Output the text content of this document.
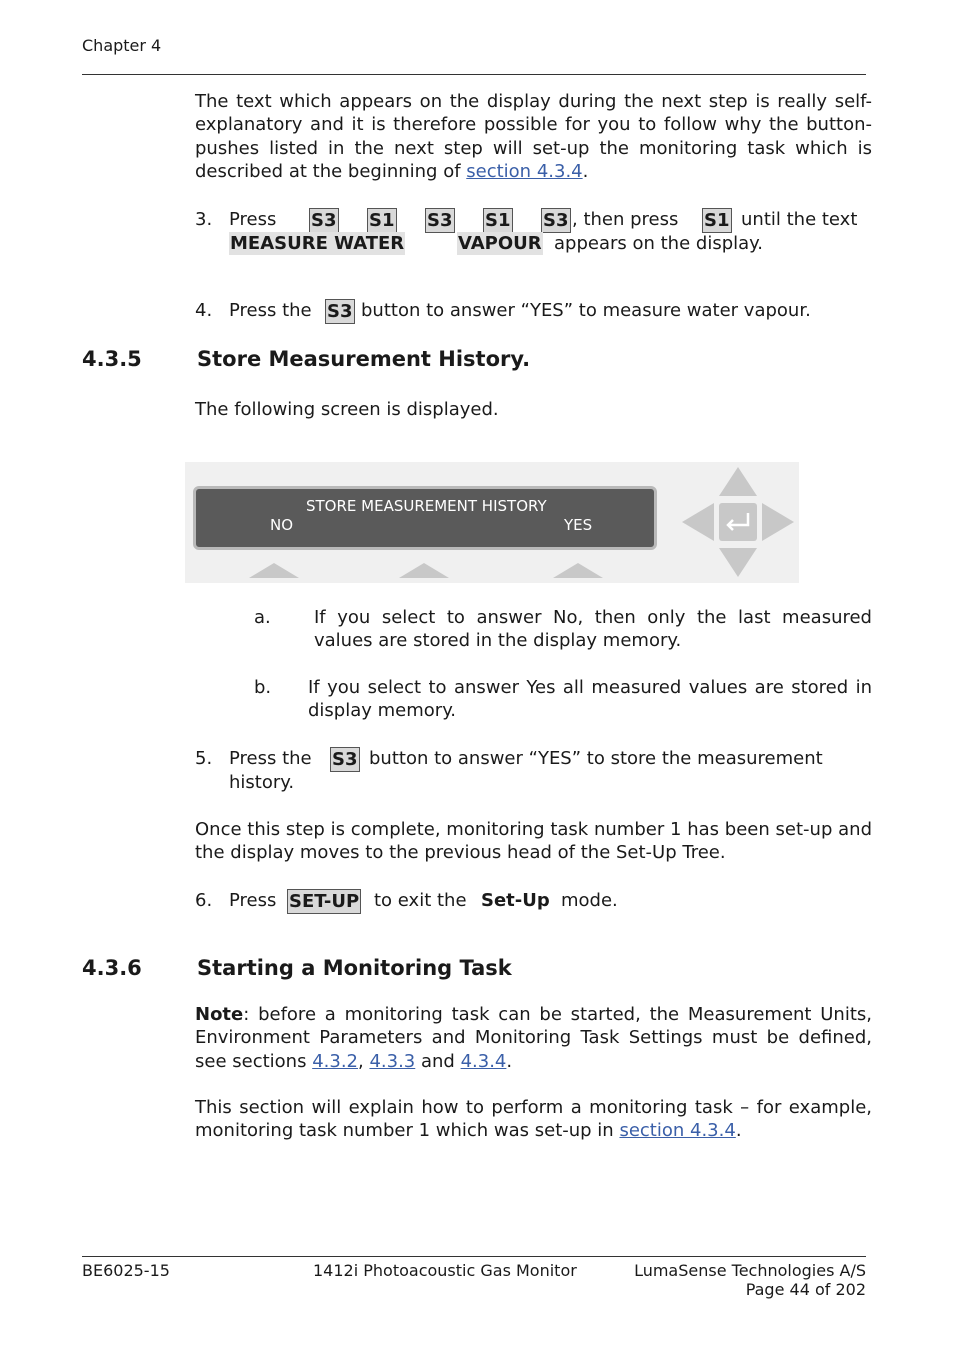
Chapter 4
The text which appears on the display during the next step is really self-explanatory and it is therefore possible for you to follow why the button-pushes listed in the next step will set-up the monitoring task which is described at the beginning of section 4.3.4.
3. Press S3 S1 S3 S1 S3 , then press S1 until the text
MEASURE WATER	VAPOUR appears on the display.
4. Press the S3 button to answer “YES” to measure water vapour.
4.3.5	Store Measurement History.
The following screen is displayed.
STORE MEASUREMENT HISTORY
NO	YES
a. If you select to answer No, then only the last measured values are stored in the display memory.
b. If you select to answer Yes all measured values are stored in display memory.
5. Press the S3 button to answer “YES” to store the measurement
history.
Once this step is complete, monitoring task number 1 has been set-up and the display moves to the previous head of the Set-Up Tree.
6. Press SET-UP to exit the Set-Up mode.
4.3.6	Starting a Monitoring Task
Note: before a monitoring task can be started, the Measurement Units, Environment Parameters and Monitoring Task Settings must be defined, see sections 4.3.2, 4.3.3 and 4.3.4.
This section will explain how to perform a monitoring task – for example, monitoring task number 1 which was set-up in section 4.3.4.
BE6025-15	1412i Photoacoustic Gas Monitor	LumaSense Technologies A/S
Page 44 of 202
